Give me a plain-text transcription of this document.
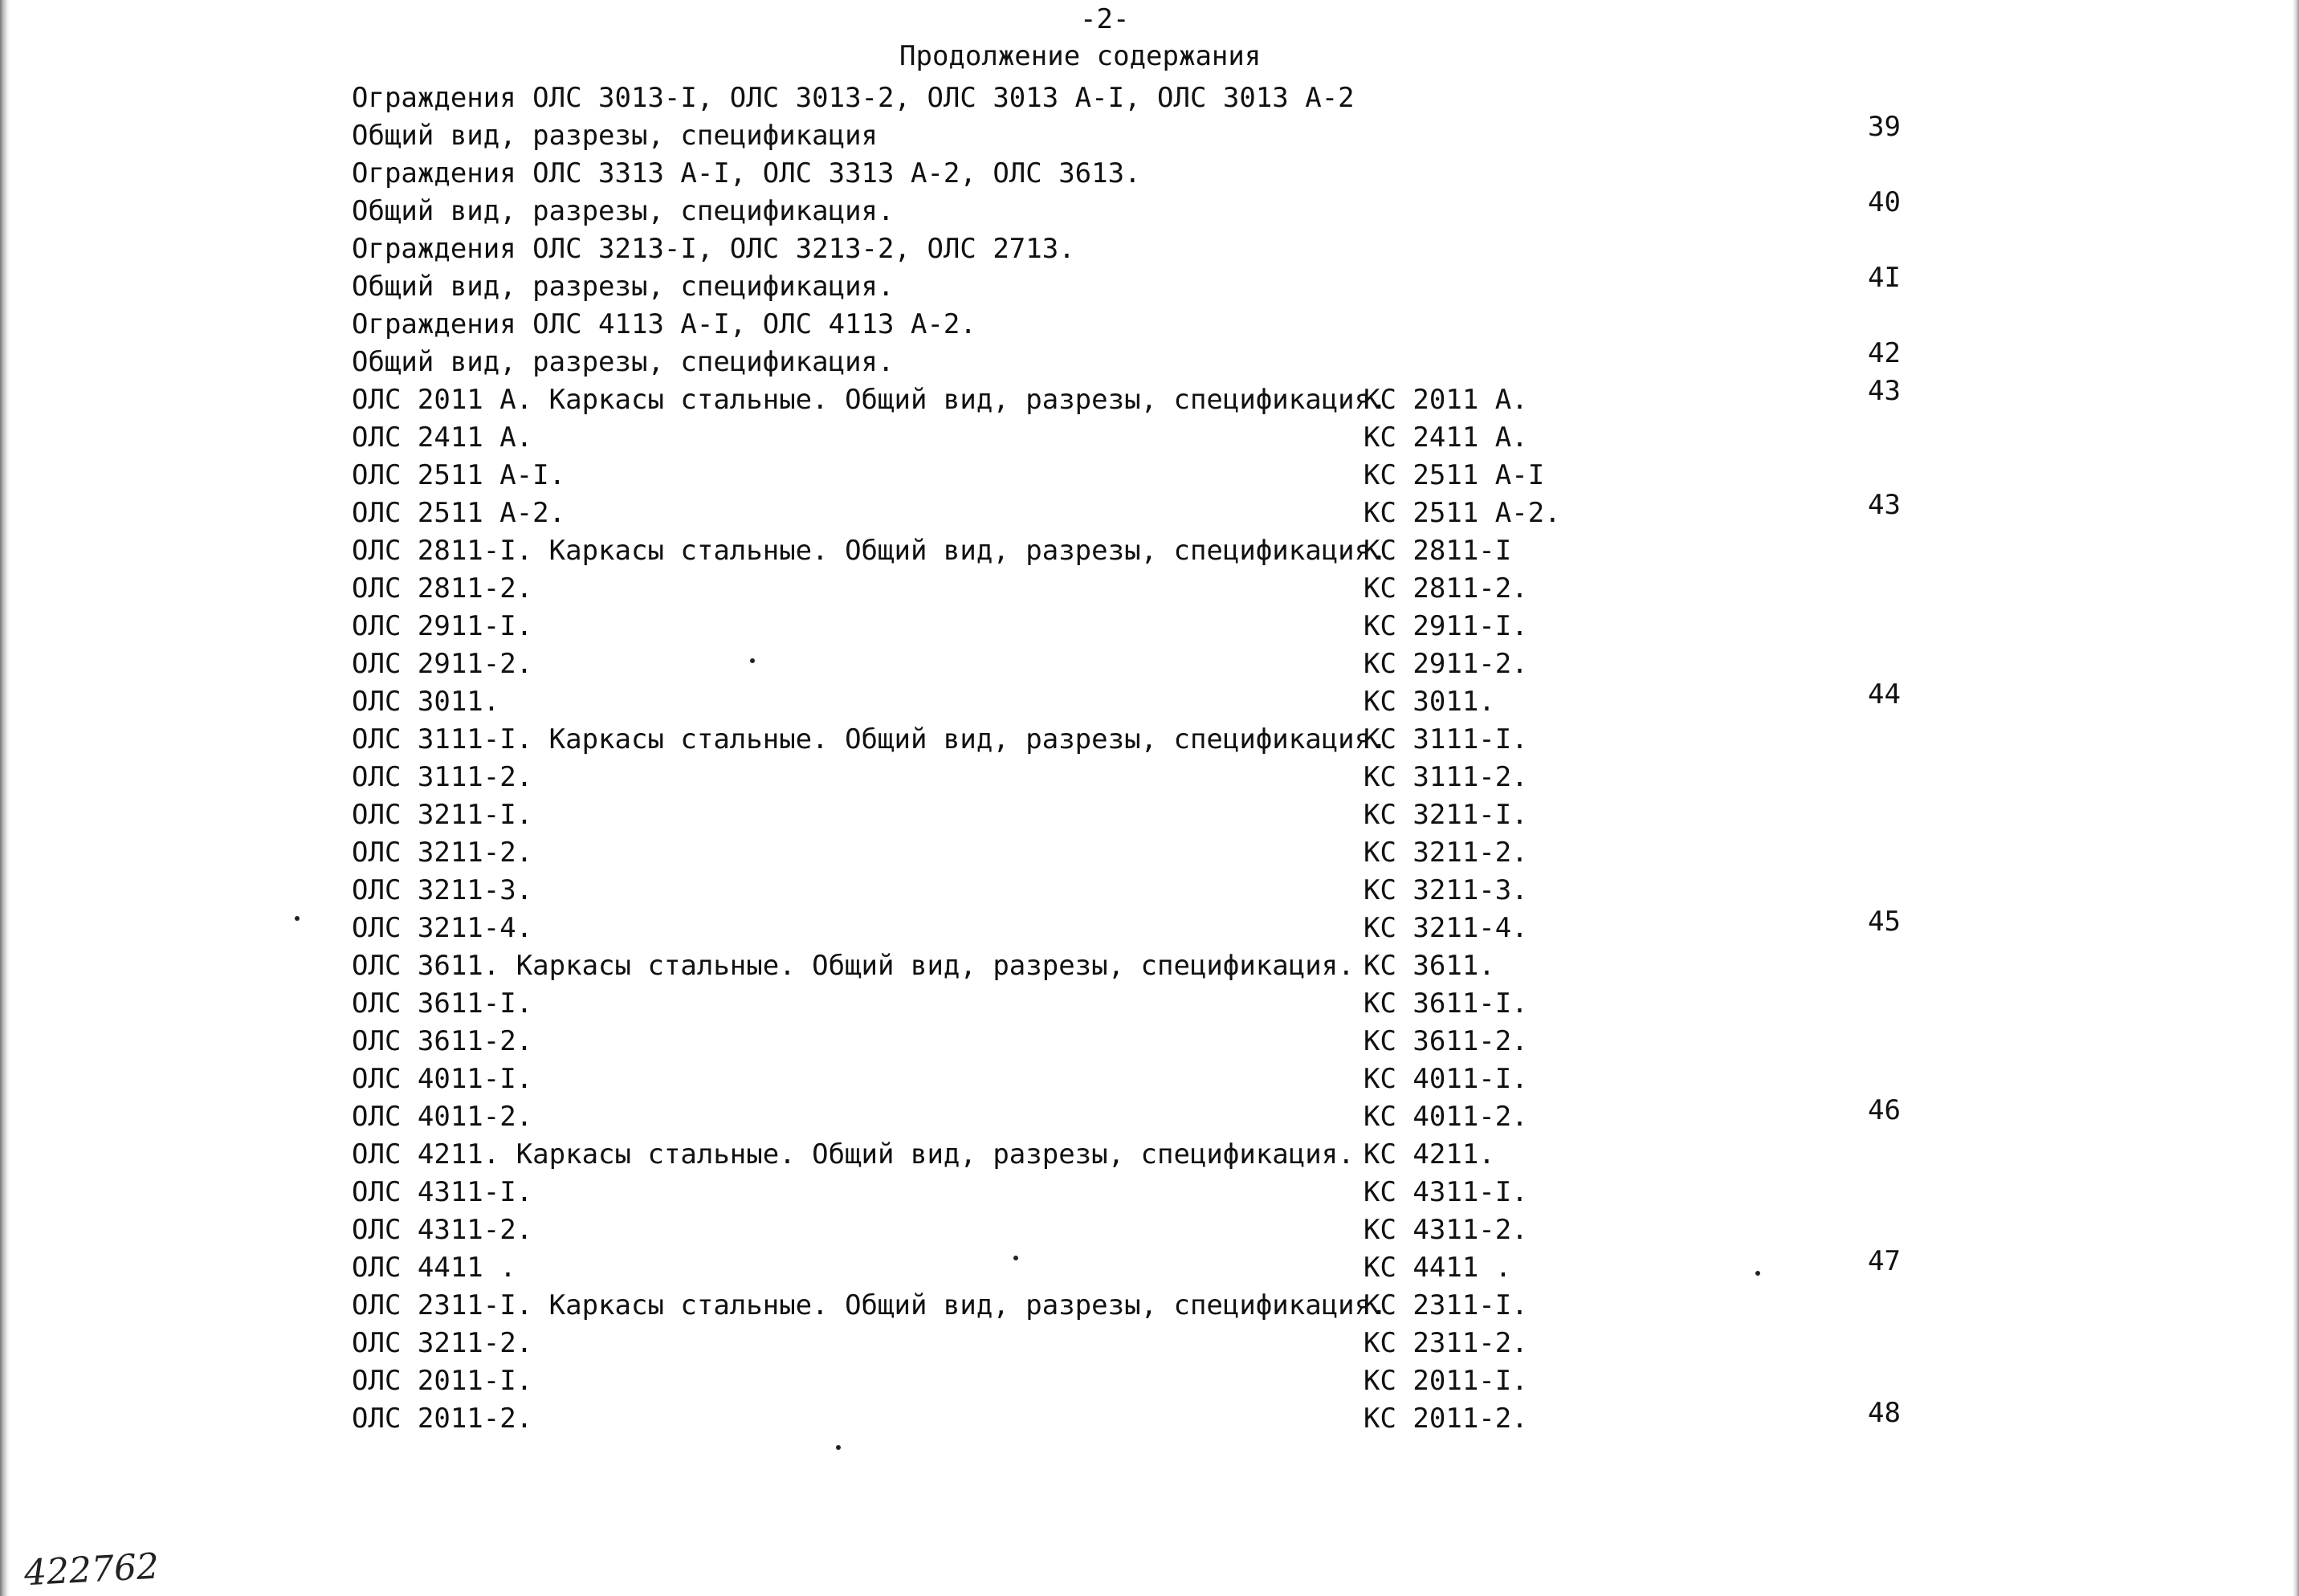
-2-
Продолжение содержания
Ограждения ОЛС 3013-I, ОЛС 3013-2, ОЛС 3013 А-I, ОЛС 3013 А-2
Общий вид, разрезы, спецификация
Ограждения ОЛС 3313 А-I, ОЛС 3313 А-2, ОЛС 3613.
Общий вид, разрезы, спецификация.
Ограждения ОЛС 3213-I, ОЛС 3213-2, ОЛС 2713.
Общий вид, разрезы, спецификация.
Ограждения ОЛС 4113 А-I, ОЛС 4113 А-2.
Общий вид, разрезы, спецификация.
ОЛС 2011 А. Каркасы стальные. Общий вид, разрезы, спецификация.
ОЛС 2411 А.
ОЛС 2511 А-I.
ОЛС 2511 А-2.
ОЛС 2811-I. Каркасы стальные. Общий вид, разрезы, спецификация.
ОЛС 2811-2.
ОЛС 2911-I.
ОЛС 2911-2.
ОЛС 3011.
ОЛС 3111-I. Каркасы стальные. Общий вид, разрезы, спецификация.
ОЛС 3111-2.
ОЛС 3211-I.
ОЛС 3211-2.
ОЛС 3211-3.
ОЛС 3211-4.
ОЛС 3611. Каркасы стальные. Общий вид, разрезы, спецификация.
ОЛС 3611-I.
ОЛС 3611-2.
ОЛС 4011-I.
ОЛС 4011-2.
ОЛС 4211. Каркасы стальные. Общий вид, разрезы, спецификация.
ОЛС 4311-I.
ОЛС 4311-2.
ОЛС 4411 .
ОЛС 2311-I. Каркасы стальные. Общий вид, разрезы, спецификация.
ОЛС 3211-2.
ОЛС 2011-I.
ОЛС 2011-2.
КС 2011 А.
КС 2411 А.
КС 2511 А-I
КС 2511 А-2.
КС 2811-I
КС 2811-2.
КС 2911-I.
КС 2911-2.
КС 3011.
КС 3111-I.
КС 3111-2.
КС 3211-I.
КС 3211-2.
КС 3211-3.
КС 3211-4.
КС 3611.
КС 3611-I.
КС 3611-2.
КС 4011-I.
КС 4011-2.
КС 4211.
КС 4311-I.
КС 4311-2.
КС 4411 .
КС 2311-I.
КС 2311-2.
КС 2011-I.
КС 2011-2.
39
40
4I
42
43
43
44
45
46
47
48
422762
